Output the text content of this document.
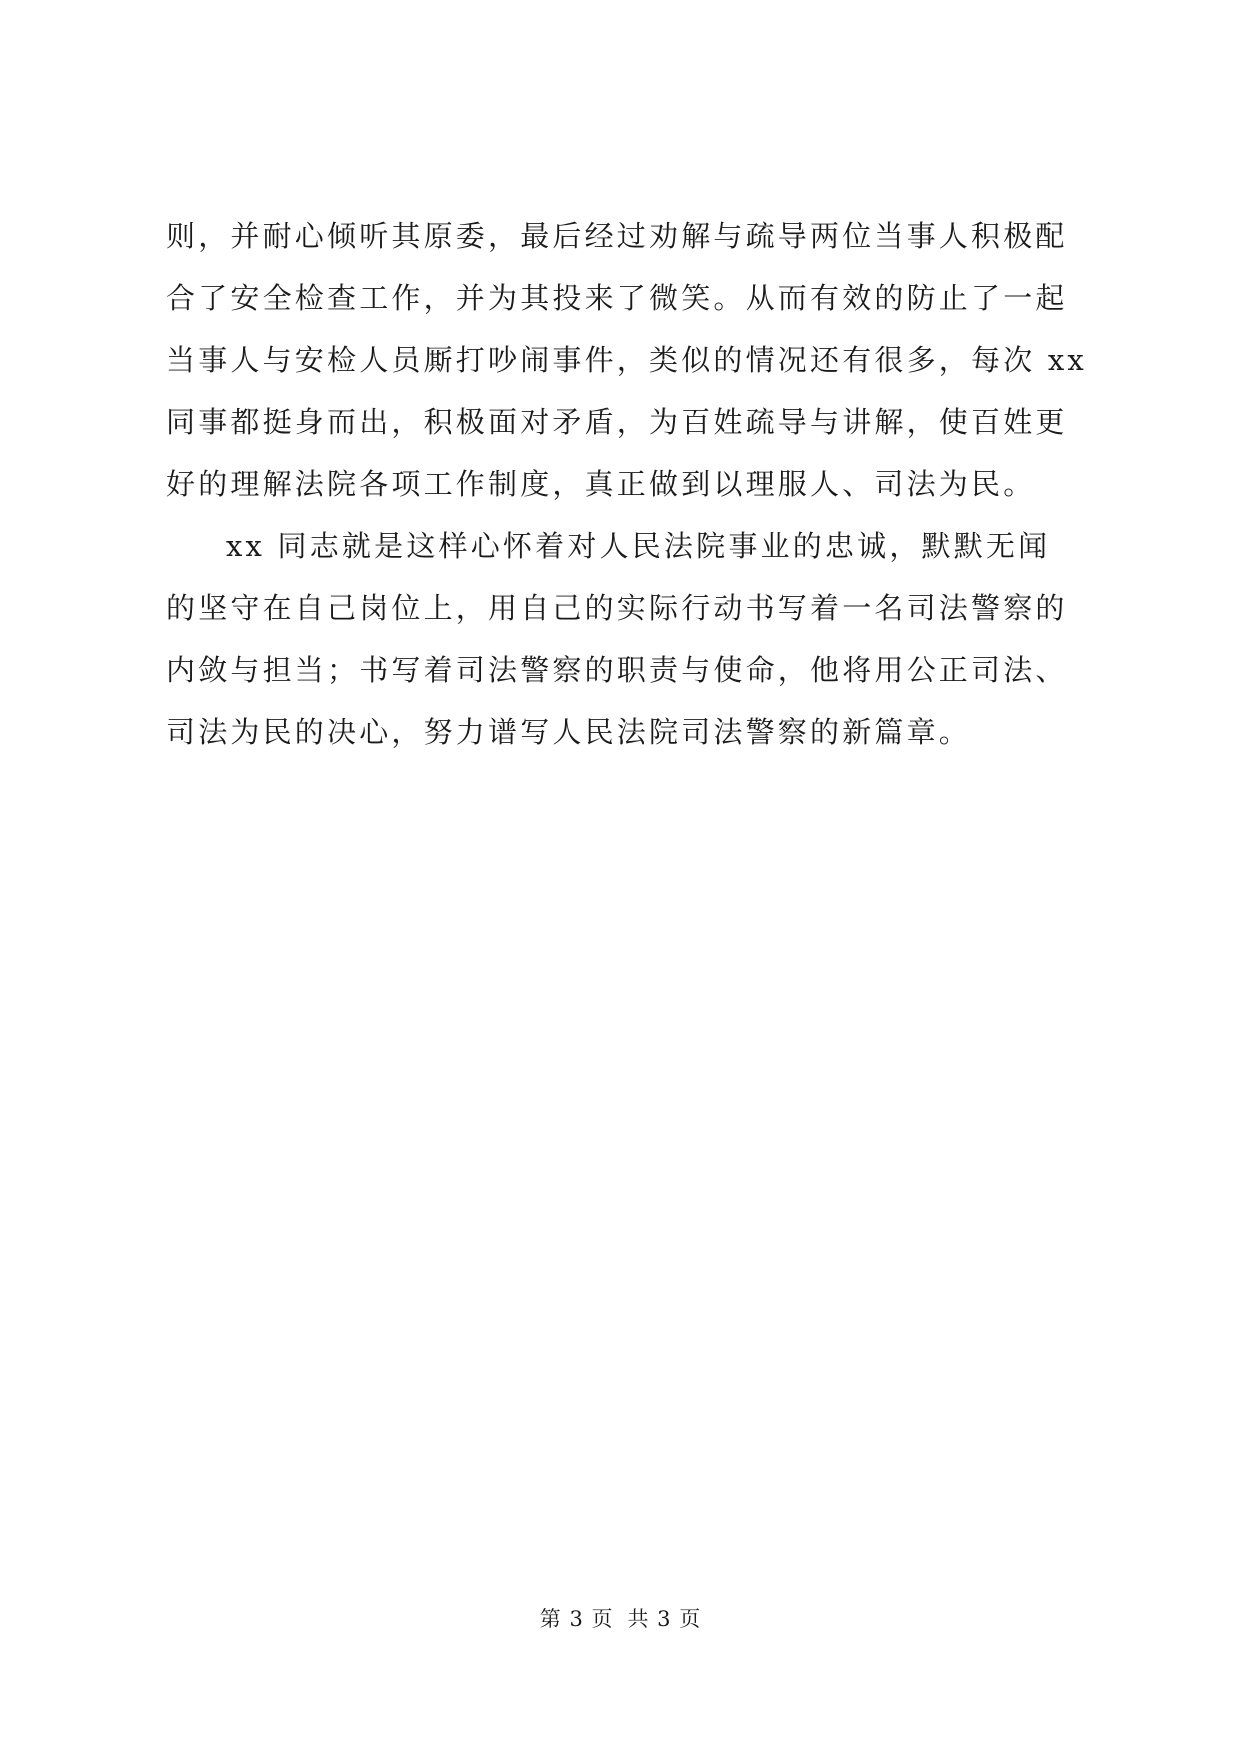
则，并耐心倾听其原委，最后经过劝解与疏导两位当事人积极配
合了安全检查工作，并为其投来了微笑。从而有效的防止了一起
当事人与安检人员厮打吵闹事件，类似的情况还有很多，每次 xx
同事都挺身而出，积极面对矛盾，为百姓疏导与讲解，使百姓更
好的理解法院各项工作制度，真正做到以理服人、司法为民。
xx 同志就是这样心怀着对人民法院事业的忠诚，默默无闻
的坚守在自己岗位上，用自己的实际行动书写着一名司法警察的
内敛与担当；书写着司法警察的职责与使命，他将用公正司法、
司法为民的决心，努力谱写人民法院司法警察的新篇章。
第 3 页 共 3 页
